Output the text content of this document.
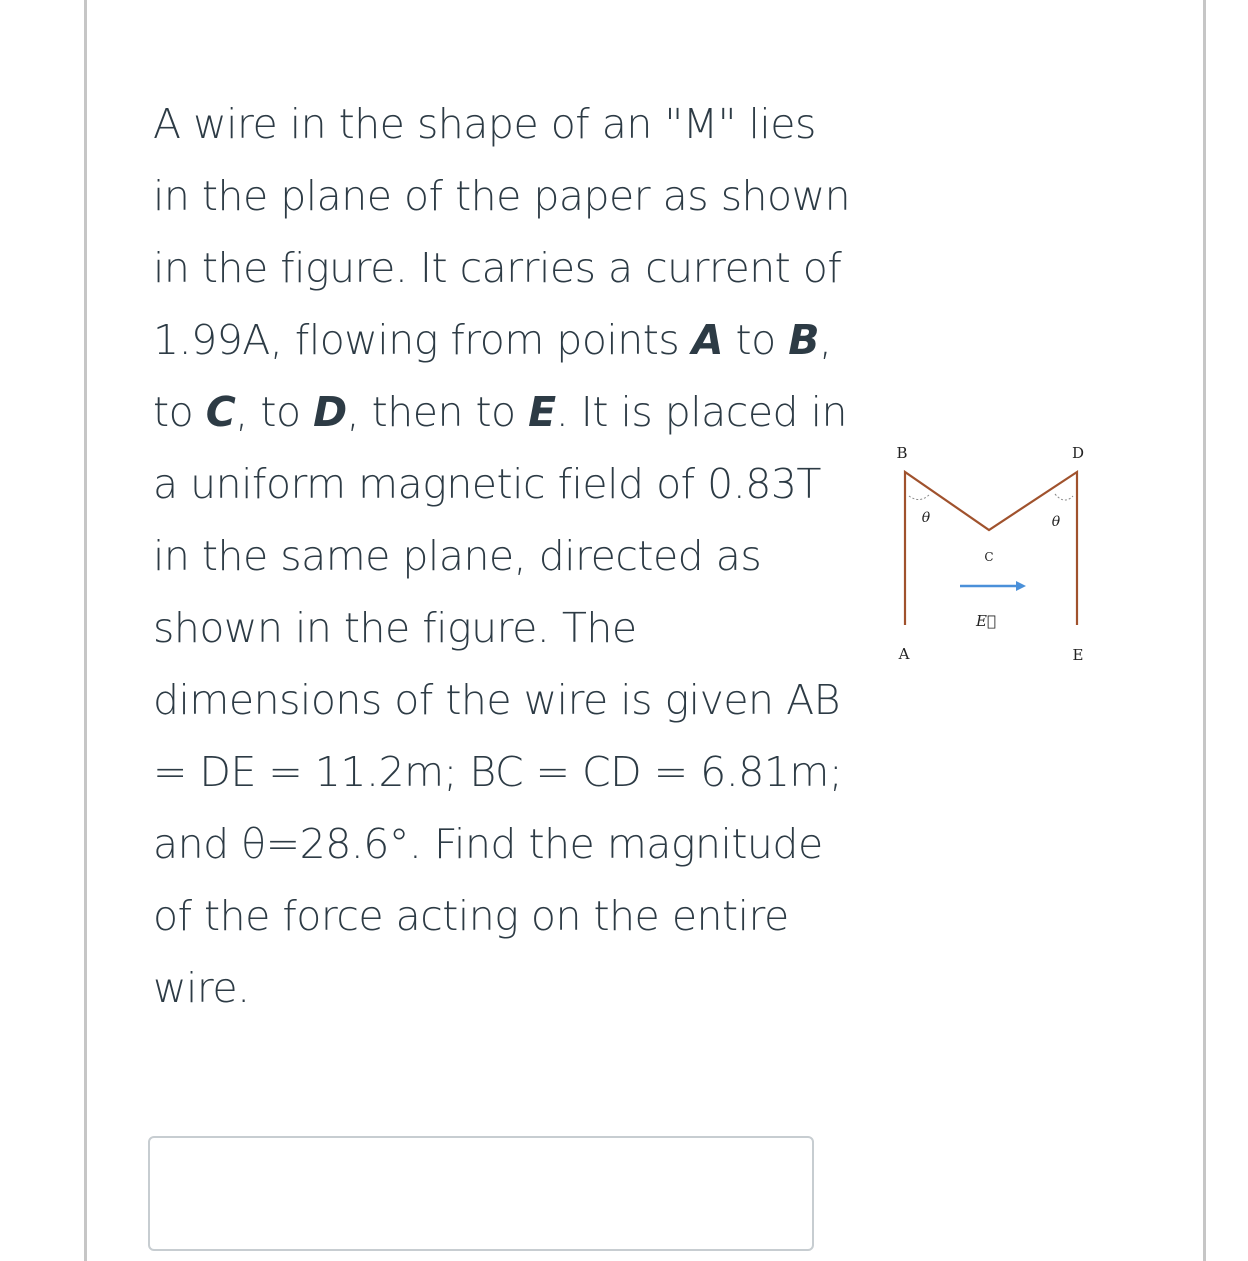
A wire in the shape of an "M" lies
in the plane of the paper as shown
in the figure. It carries a current of
1.99A, flowing from points A to B,
to C, to D, then to E. It is placed in
a uniform magnetic field of 0.83T
in the same plane, directed as
shown in the figure. The
dimensions of the wire is given AB
= DE = 11.2m; BC = CD = 6.81m;
and θ=28.6°. Find the magnitude
of the force acting on the entire
wire.
B	D
C
A	E
θ	θ
E⃗
